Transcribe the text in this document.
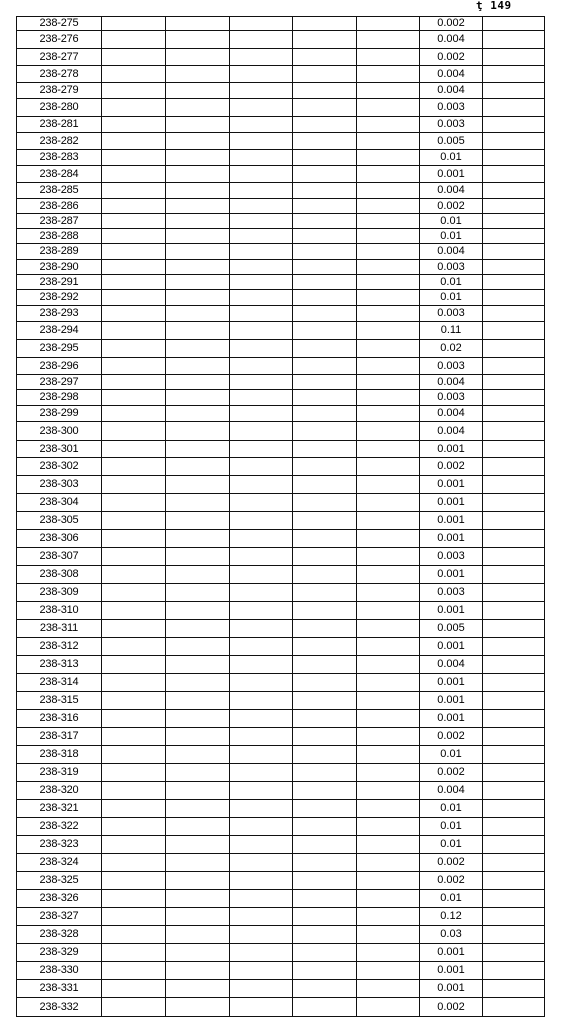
ţ 149
238-275						0.002	
238-276						0.004	
238-277						0.002	
238-278						0.004	
238-279						0.004	
238-280						0.003	
238-281						0.003	
238-282						0.005	
238-283						0.01	
238-284						0.001	
238-285						0.004	
238-286						0.002	
238-287						0.01	
238-288						0.01	
238-289						0.004	
238-290						0.003	
238-291						0.01	
238-292						0.01	
238-293						0.003	
238-294						0.11	
238-295						0.02	
238-296						0.003	
238-297						0.004	
238-298						0.003	
238-299						0.004	
238-300						0.004	
238-301						0.001	
238-302						0.002	
238-303						0.001	
238-304						0.001	
238-305						0.001	
238-306						0.001	
238-307						0.003	
238-308						0.001	
238-309						0.003	
238-310						0.001	
238-311						0.005	
238-312						0.001	
238-313						0.004	
238-314						0.001	
238-315						0.001	
238-316						0.001	
238-317						0.002	
238-318						0.01	
238-319						0.002	
238-320						0.004	
238-321						0.01	
238-322						0.01	
238-323						0.01	
238-324						0.002	
238-325						0.002	
238-326						0.01	
238-327						0.12	
238-328						0.03	
238-329						0.001	
238-330						0.001	
238-331						0.001	
238-332						0.002	
